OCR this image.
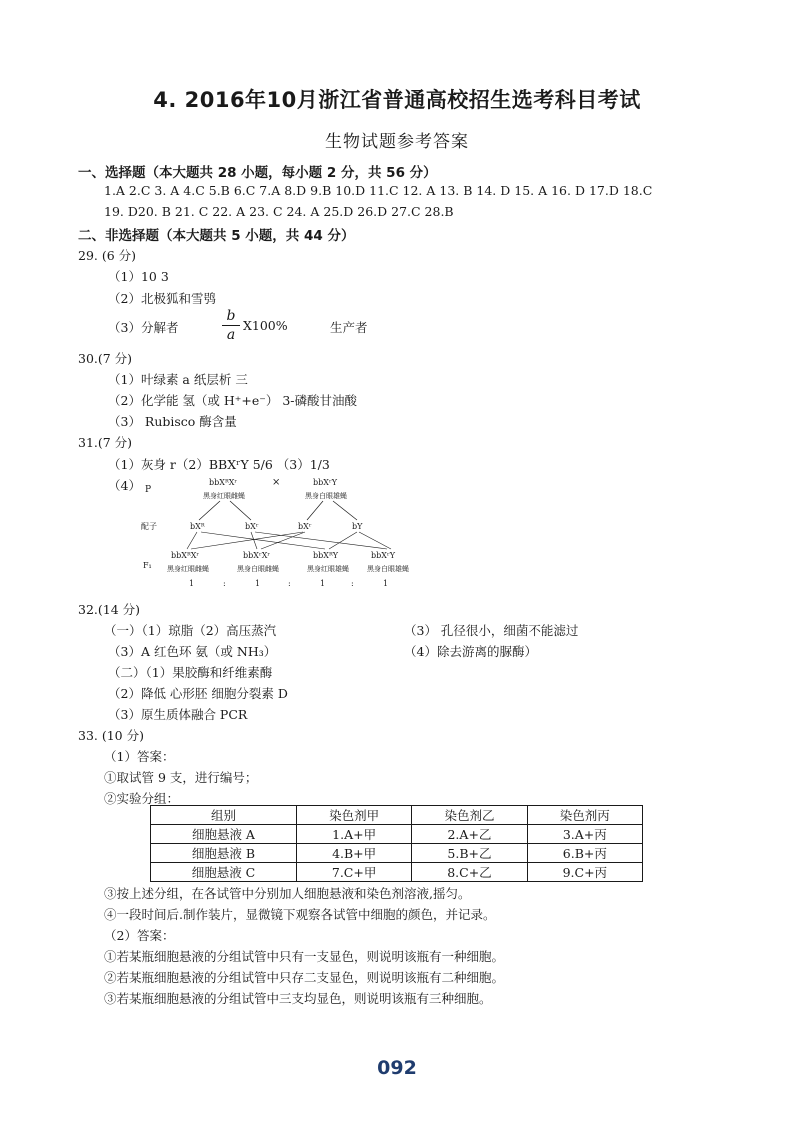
4. 2016年10月浙江省普通高校招生选考科目考试
生物试题参考答案
一、选择题（本大题共 28 小题，每小题 2 分，共 56 分）
1.A 2.C 3. A 4.C 5.B 6.C 7.A 8.D 9.B 10.D 11.C 12. A 13. B 14. D 15. A 16. D 17.D 18.C
19. D20. B 21. C 22. A 23. C 24. A 25.D 26.D 27.C 28.B
二、非选择题（本大题共 5 小题，共 44 分）
29. (6 分)
（1）10 3
（2）北极狐和雪鸮
（3）分解者	$\frac{b}{a} X100\%$	生产者
30.(7 分)
（1）叶绿素 a 纸层析 三
（2）化学能 氢（或 H⁺+e⁻） 3-磷酸甘油酸
（3） Rubisco 酶含量
31.(7 分)
（1）灰身 r（2）BBXʳY 5/6 （3）1/3
（4） P
配子
F₁
bbXᴿXʳ
黑身红眼雌蝇
×	bbXʳY
黑身白眼雄蝇
bXᴿ	bXʳ	bXʳ	bY
bbXᴿXʳ	bbXʳXʳ	bbXᴿY	bbXʳY
黑身红眼雌蝇	黑身白眼雌蝇	黑身红眼雄蝇	黑身白眼雄蝇
1	:	1	:	1	:	1
32.(14 分)
（一）（1）琼脂（2）高压蒸汽	（3） 孔径很小，细菌不能滤过
（3）A 红色环 氨（或 NH₃）	（4）除去游离的脲酶）
（二）（1）果胶酶和纤维素酶
（2）降低 心形胚 细胞分裂素 D
（3）原生质体融合 PCR
33. (10 分)
（1）答案：
①取试管 9 支，进行编号；
②实验分组：
组别	染色剂甲	染色剂乙	染色剂丙
细胞悬液 A	1.A+甲	2.A+乙	3.A+丙
细胞悬液 B	4.B+甲	5.B+乙	6.B+丙
细胞悬液 C	7.C+甲	8.C+乙	9.C+丙
③按上述分组，在各试管中分别加人细胞悬液和染色剂溶液,摇匀。
④一段时间后.制作装片，显微镜下观察各试管中细胞的颜色，并记录。
（2）答案：
①若某瓶细胞悬液的分组试管中只有一支显色，则说明该瓶有一种细胞。
②若某瓶细胞悬液的分组试管中只存二支显色，则说明该瓶有二种细胞。
③若某瓶细胞悬液的分组试管中三支均显色，则说明该瓶有三种细胞。
092
